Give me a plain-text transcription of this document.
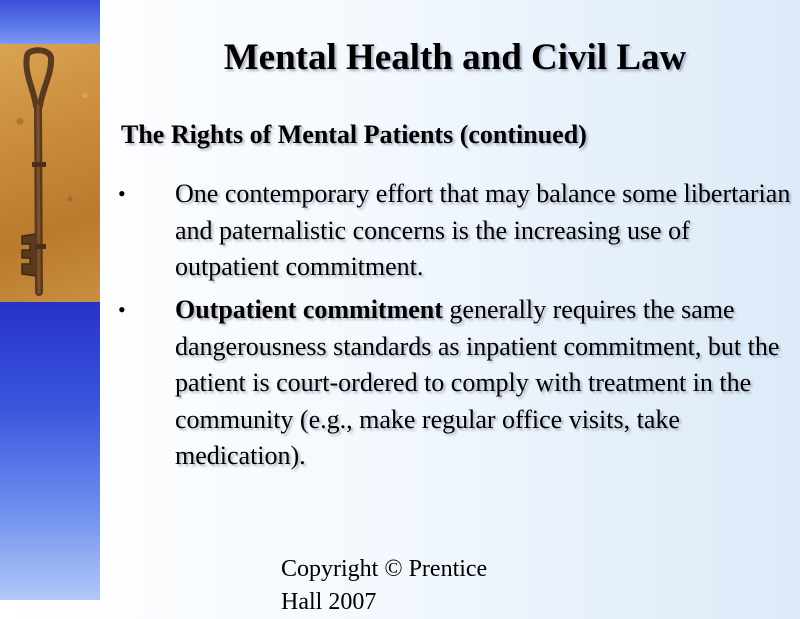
Mental Health and Civil Law
The Rights of Mental Patients (continued)
• One contemporary effort that may balance some libertarian and paternalistic concerns is the increasing use of outpatient commitment.
• Outpatient commitment generally requires the same dangerousness standards as inpatient commitment, but the patient is court-ordered to comply with treatment in the community (e.g., make regular office visits, take medication).
Copyright © Prentice Hall 2007
